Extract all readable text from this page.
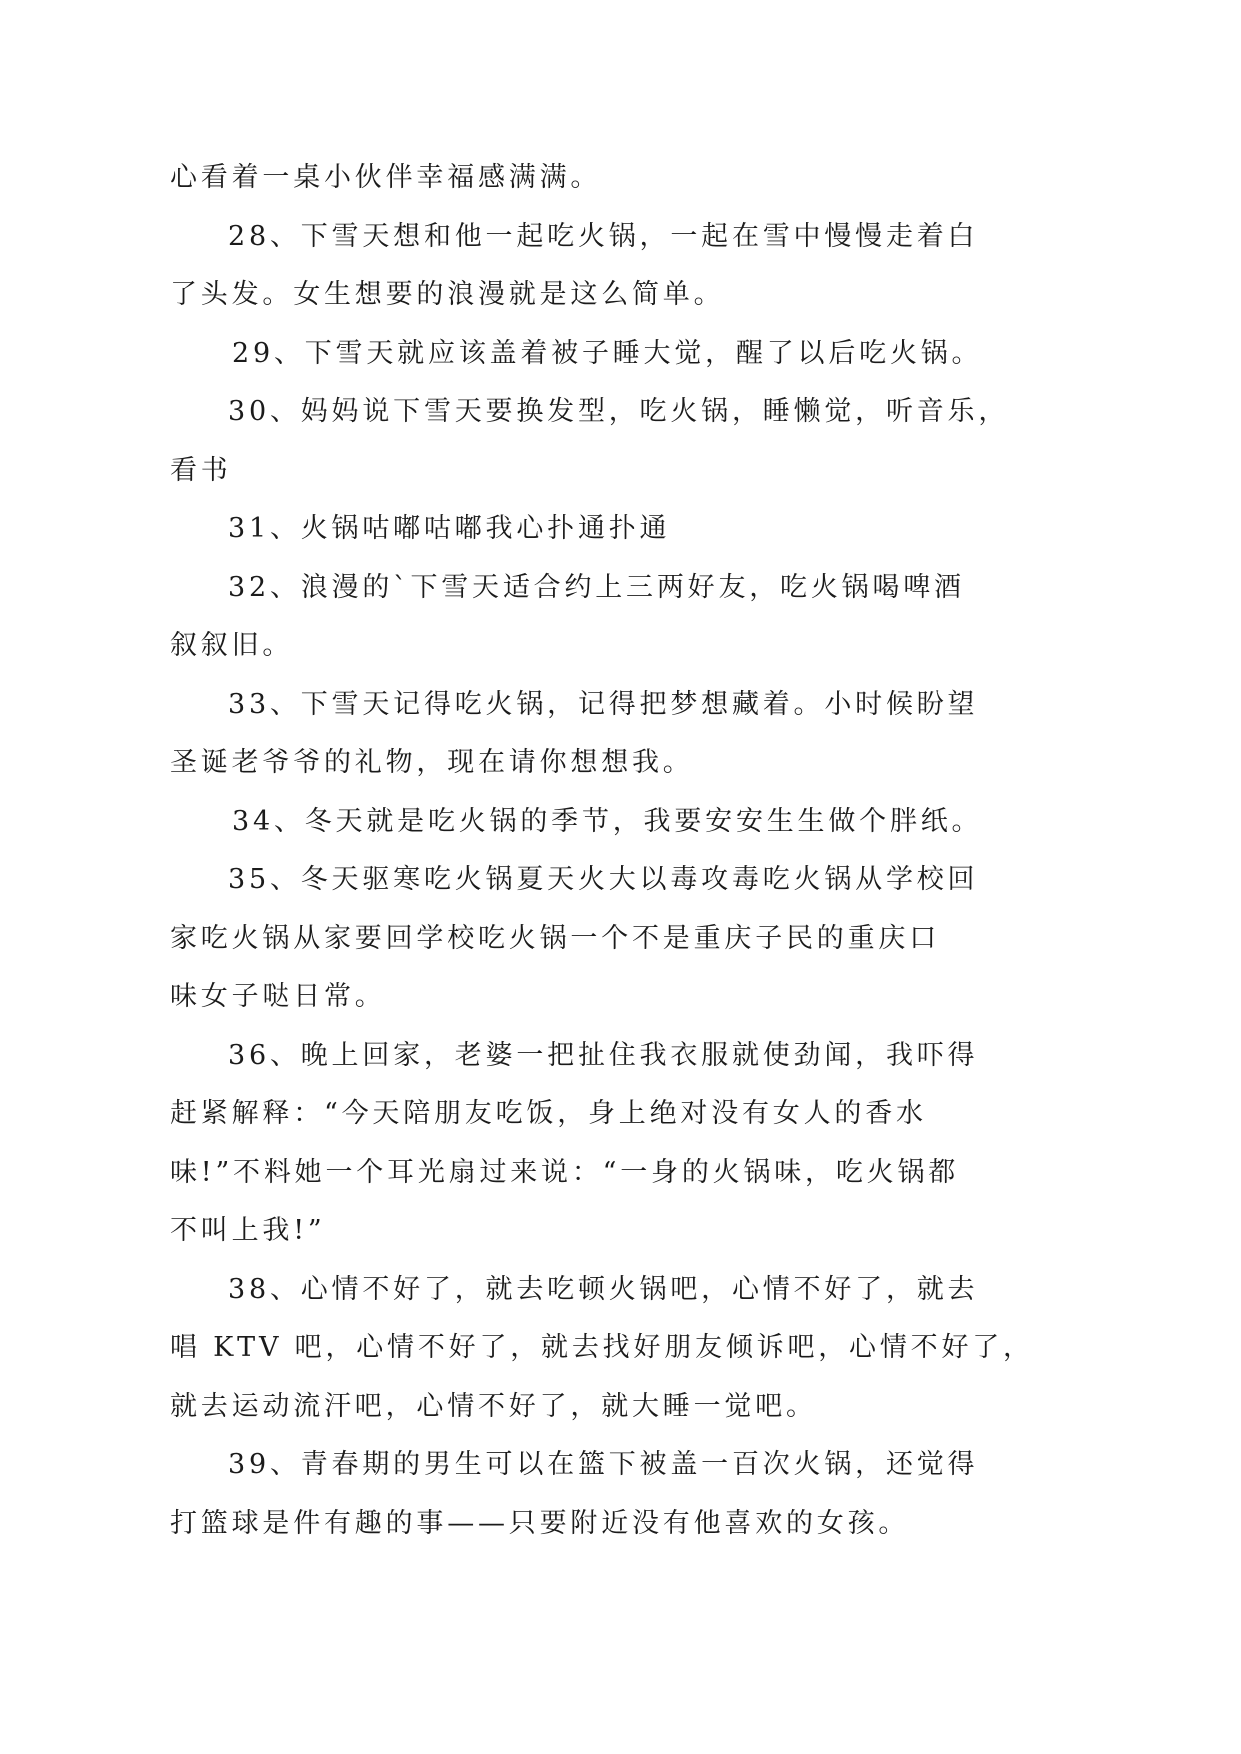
心看着一桌小伙伴幸福感满满。
28、下雪天想和他一起吃火锅，一起在雪中慢慢走着白
了头发。女生想要的浪漫就是这么简单。
29、下雪天就应该盖着被子睡大觉，醒了以后吃火锅。
30、妈妈说下雪天要换发型，吃火锅，睡懒觉，听音乐，
看书
31、火锅咕嘟咕嘟我心扑通扑通
32、浪漫的`下雪天适合约上三两好友，吃火锅喝啤酒
叙叙旧。
33、下雪天记得吃火锅，记得把梦想藏着。小时候盼望
圣诞老爷爷的礼物，现在请你想想我。
34、冬天就是吃火锅的季节，我要安安生生做个胖纸。
35、冬天驱寒吃火锅夏天火大以毒攻毒吃火锅从学校回
家吃火锅从家要回学校吃火锅一个不是重庆子民的重庆口
味女子哒日常。
36、晚上回家，老婆一把扯住我衣服就使劲闻，我吓得
赶紧解释：“今天陪朋友吃饭，身上绝对没有女人的香水
味!”不料她一个耳光扇过来说：“一身的火锅味，吃火锅都
不叫上我!”
38、心情不好了，就去吃顿火锅吧，心情不好了，就去
唱 KTV 吧，心情不好了，就去找好朋友倾诉吧，心情不好了，
就去运动流汗吧，心情不好了，就大睡一觉吧。
39、青春期的男生可以在篮下被盖一百次火锅，还觉得
打篮球是件有趣的事——只要附近没有他喜欢的女孩。
